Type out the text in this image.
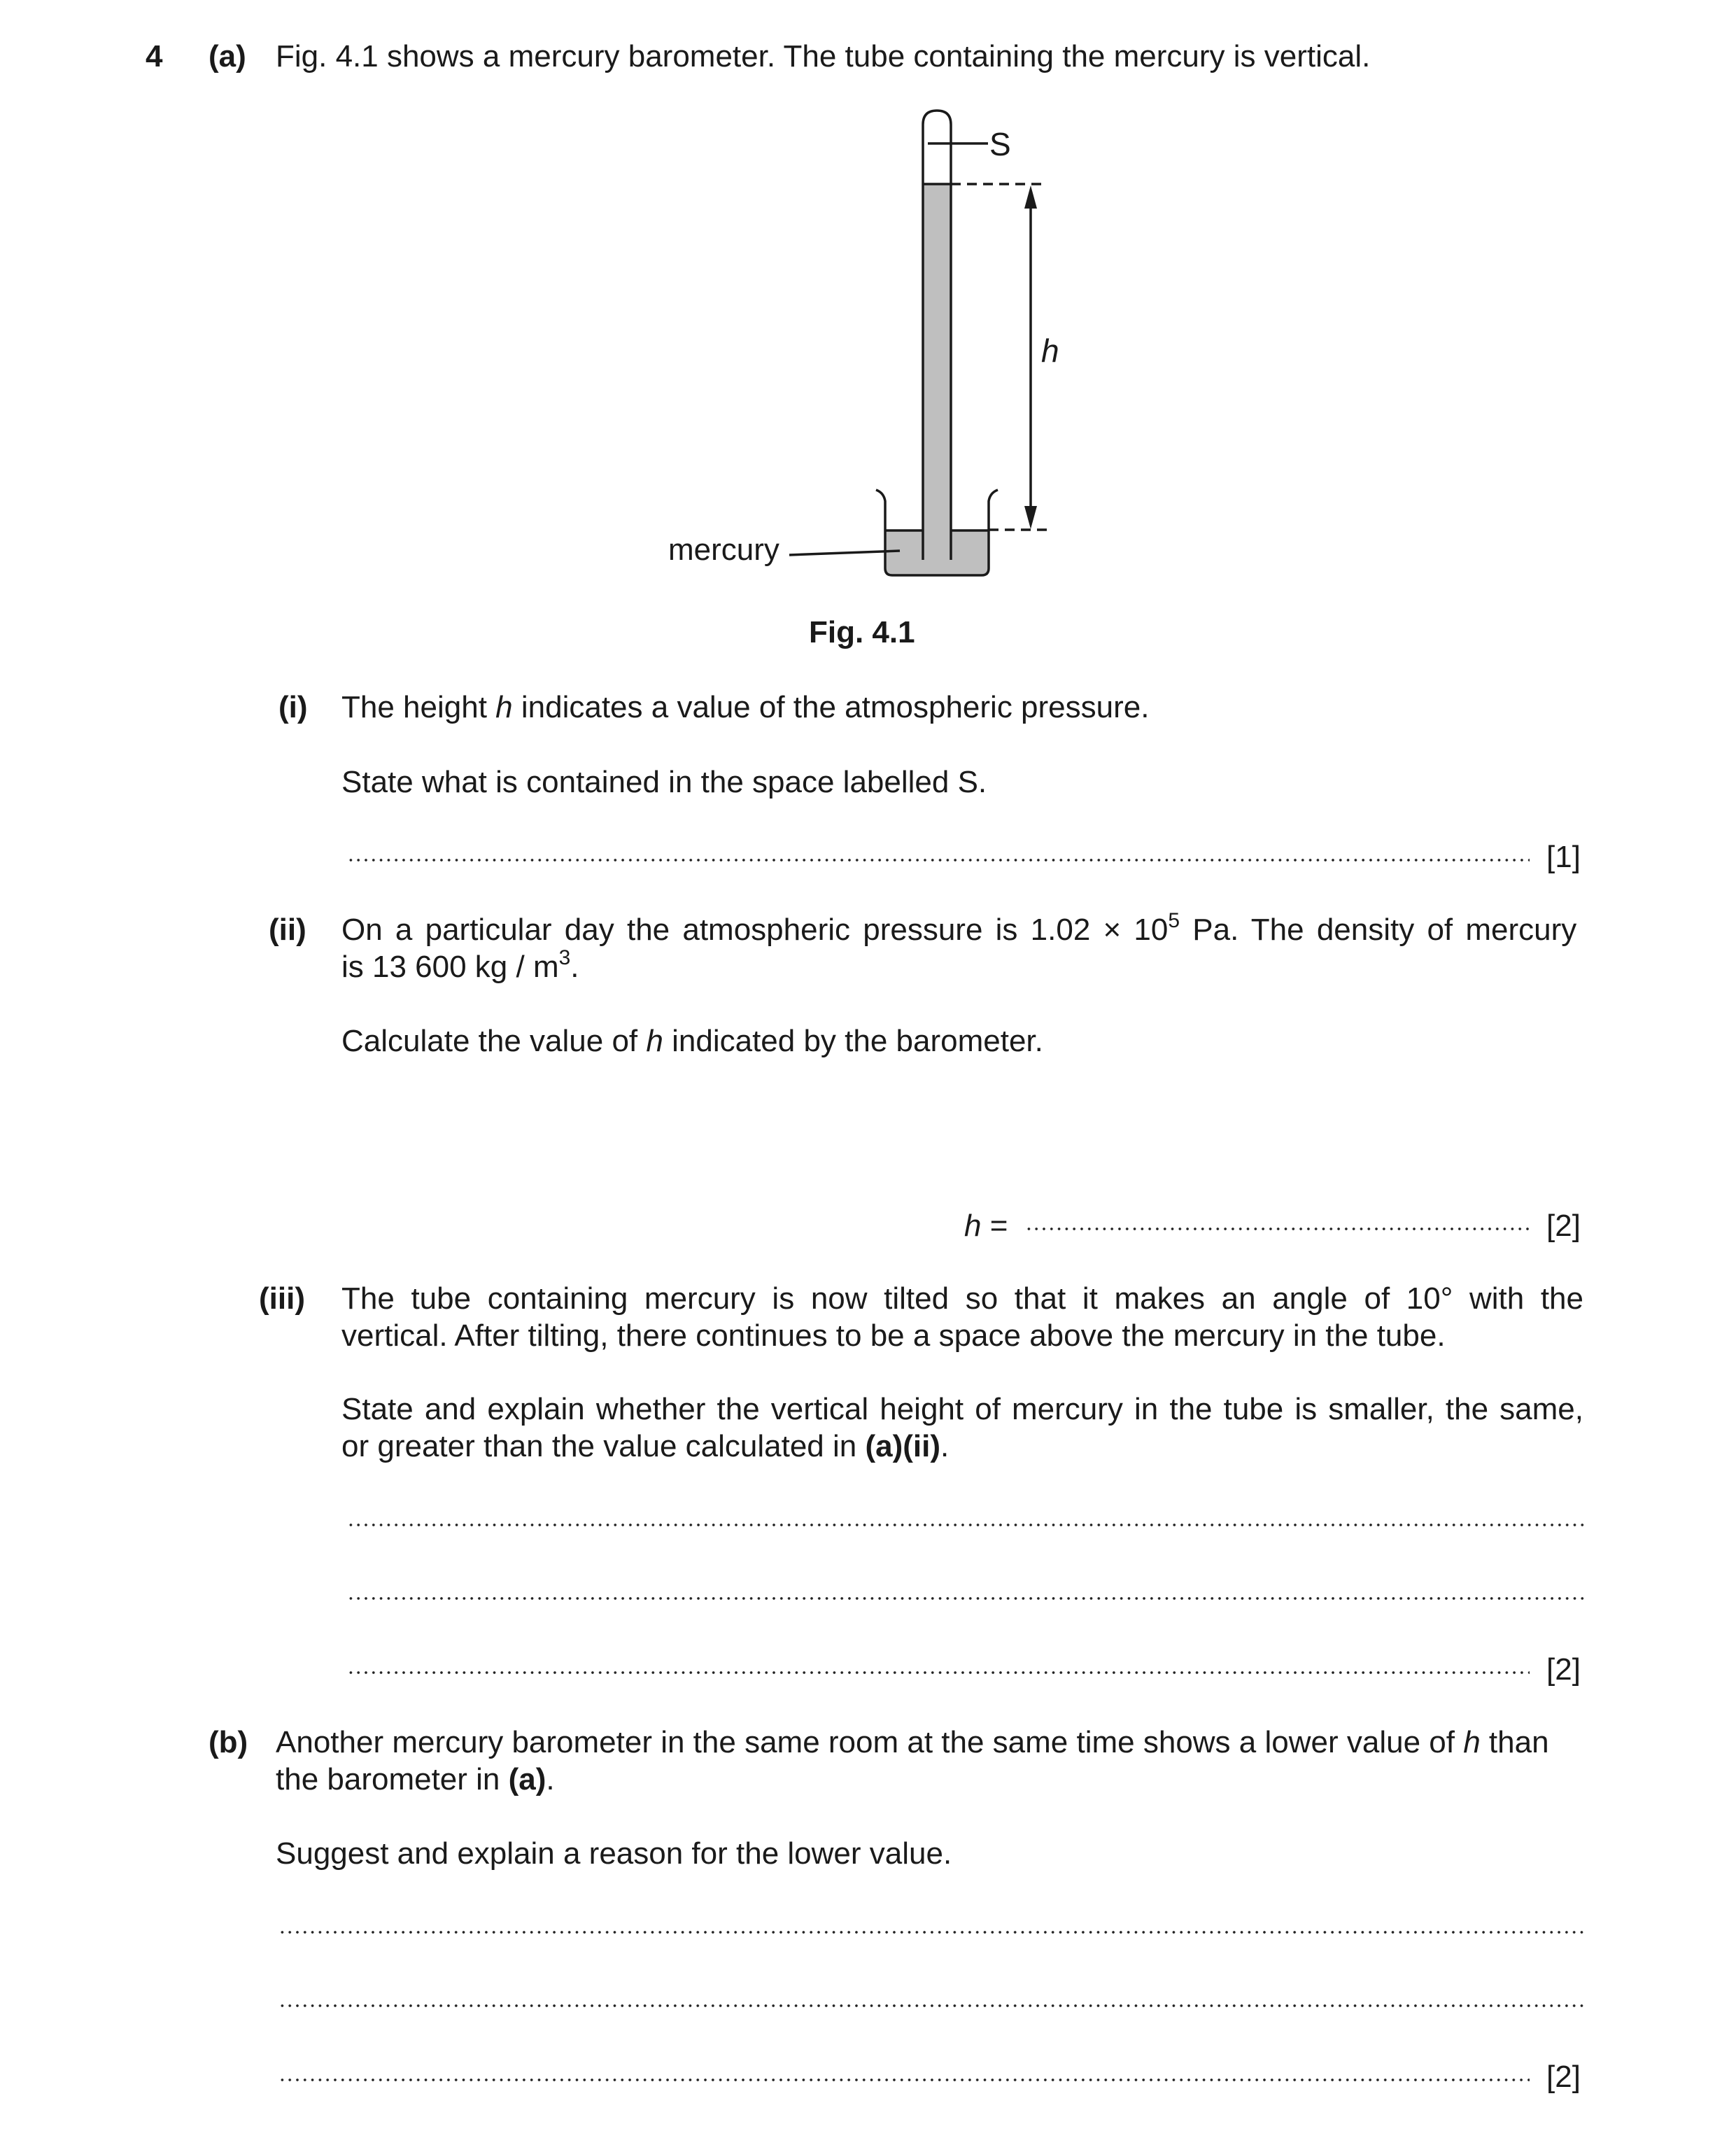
4 (a) Fig. 4.1 shows a mercury barometer. The tube containing the mercury is vertical.
S
h
mercury
Fig. 4.1
(i) The height h indicates a value of the atmospheric pressure.
State what is contained in the space labelled S.
[1]
(ii) On a particular day the atmospheric pressure is $1.02 \times 10^5$ Pa. The density of mercury
is 13 600 kg / $m^3$.
Calculate the value of h indicated by the barometer.
h =	[2]
(iii) The tube containing mercury is now tilted so that it makes an angle of 10° with the
vertical. After tilting, there continues to be a space above the mercury in the tube.
State and explain whether the vertical height of mercury in the tube is smaller, the same,
or greater than the value calculated in (a)(ii).
[2]
(b) Another mercury barometer in the same room at the same time shows a lower value of h than
the barometer in (a).
Suggest and explain a reason for the lower value.
[2]
